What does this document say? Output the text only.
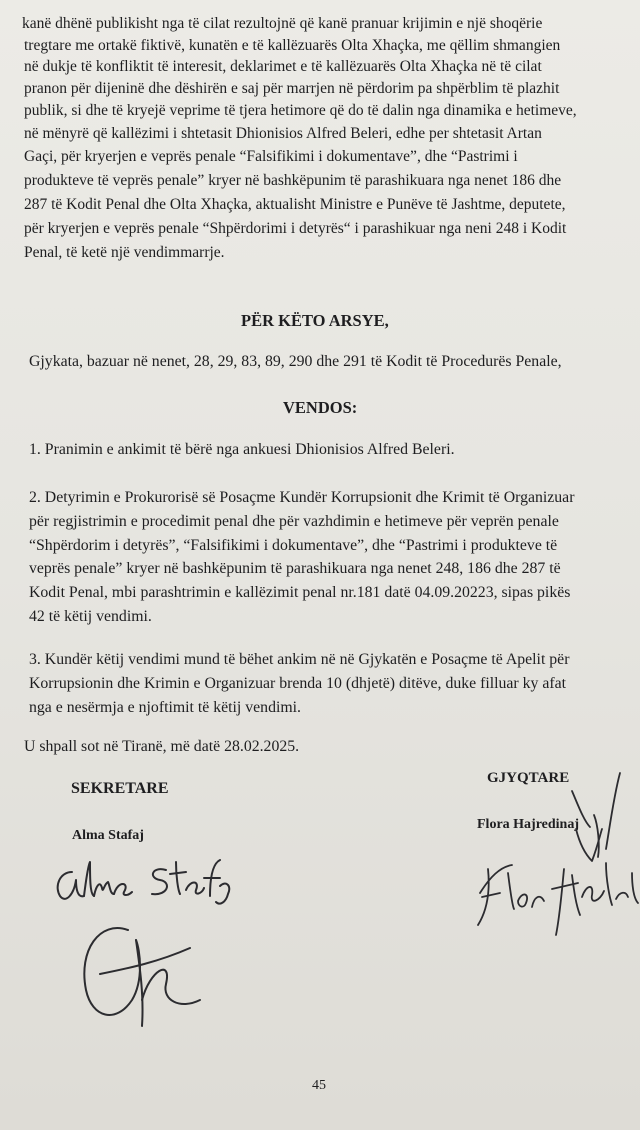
kanë dhënë publikisht nga të cilat rezultojnë që kanë pranuar krijimin e një shoqërie
tregtare me ortakë fiktivë, kunatën e të kallëzuarës Olta Xhaçka, me qëllim shmangien
në dukje të konfliktit të interesit, deklarimet e të kallëzuarës Olta Xhaçka në të cilat
pranon për dijeninë dhe dëshirën e saj për marrjen në përdorim pa shpërblim të plazhit
publik, si dhe të kryejë veprime të tjera hetimore që do të dalin nga dinamika e hetimeve,
në mënyrë që kallëzimi i shtetasit Dhionisios Alfred Beleri, edhe per shtetasit Artan
Gaçi, për kryerjen e veprës penale “Falsifikimi i dokumentave”, dhe “Pastrimi i
produkteve të veprës penale” kryer në bashkëpunim të parashikuara nga nenet 186 dhe
287 të Kodit Penal dhe Olta Xhaçka, aktualisht Ministre e Punëve të Jashtme, deputete,
për kryerjen e veprës penale “Shpërdorimi i detyrës“ i parashikuar nga neni 248 i Kodit
Penal, të ketë një vendimmarrje.
PËR KËTO ARSYE,
Gjykata, bazuar në nenet, 28, 29, 83, 89, 290 dhe 291 të Kodit të Procedurës Penale,
VENDOS:
1. Pranimin e ankimit të bërë nga ankuesi Dhionisios Alfred Beleri.
2. Detyrimin e Prokurorisë së Posaçme Kundër Korrupsionit dhe Krimit të Organizuar
për regjistrimin e procedimit penal dhe për vazhdimin e hetimeve për veprën penale
“Shpërdorim i detyrës”, “Falsifikimi i dokumentave”, dhe “Pastrimi i produkteve të
veprës penale” kryer në bashkëpunim të parashikuara nga nenet 248, 186 dhe 287 të
Kodit Penal, mbi parashtrimin e kallëzimit penal nr.181 datë 04.09.20223, sipas pikës
42 të këtij vendimi.
3. Kundër këtij vendimi mund të bëhet ankim në në Gjykatën e Posaçme të Apelit për
Korrupsionin dhe Krimin e Organizuar brenda 10 (dhjetë) ditëve, duke filluar ky afat
nga e nesërmja e njoftimit të këtij vendimi.
U shpall sot në Tiranë, më datë 28.02.2025.
SEKRETARE
Alma Stafaj
GJYQTARE
Flora Hajredinaj
45
